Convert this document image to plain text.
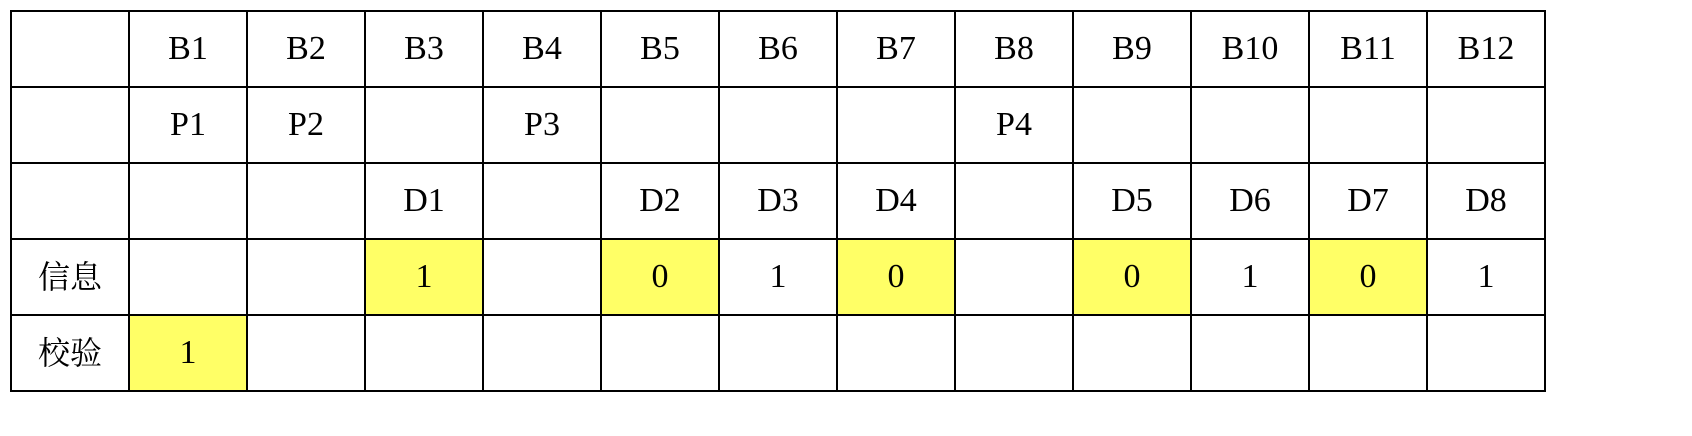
	B1	B2	B3	B4	B5	B6	B7	B8	B9	B10	B11	B12
	P1	P2		P3				P4				
			D1		D2	D3	D4		D5	D6	D7	D8
信息			1		0	1	0		0	1	0	1
校验	1											
